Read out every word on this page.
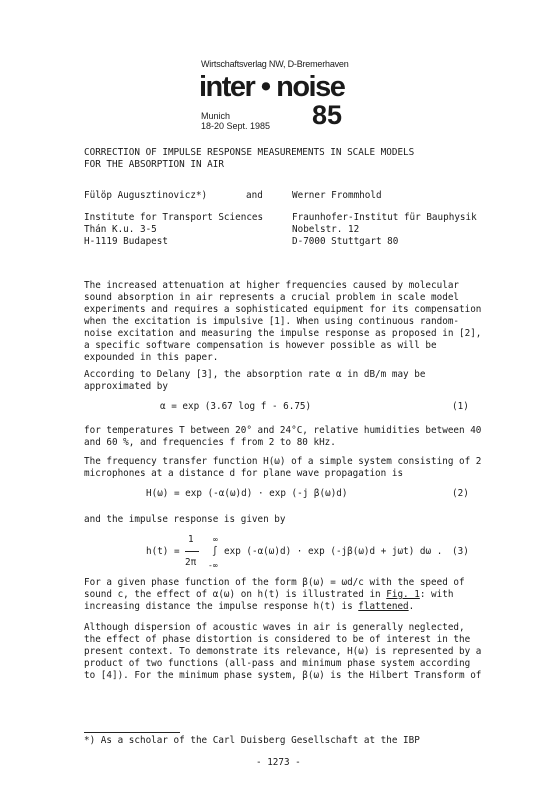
Wirtschaftsverlag NW, D-Bremerhaven
inter • noise
Munich
18-20 Sept. 1985 85
CORRECTION OF IMPULSE RESPONSE MEASUREMENTS IN SCALE MODELS
FOR THE ABSORPTION IN AIR
Fülöp Augusztinovicz*)	and	Werner Frommhold
Institute for Transport Sciences
Thán K.u. 3-5
H-1119 Budapest
Fraunhofer-Institut für Bauphysik
Nobelstr. 12
D-7000 Stuttgart 80
The increased attenuation at higher frequencies caused by molecular sound absorption in air represents a crucial problem in scale model experiments and requires a sophisticated equipment for its compensation when the excitation is impulsive [1]. When using continuous random-noise excitation and measuring the impulse response as proposed in [2], a specific software compensation is however possible as will be expounded in this paper.
According to Delany [3], the absorption rate α in dB/m may be approximated by
α = exp (3.67 log f - 6.75)	(1)
for temperatures T between 20° and 24°C, relative humidities between 40 and 60 %, and frequencies f from 2 to 80 kHz.
The frequency transfer function H(ω) of a simple system consisting of 2 microphones at a distance d for plane wave propagation is
H(ω) = exp (-α(ω)d) · exp (-j β(ω)d)	(2)
and the impulse response is given by
1 ∞
h(t) =	∫ exp (-α(ω)d) · exp (-jβ(ω)d + jωt) dω . (3)
2π -∞
For a given phase function of the form β(ω) = ωd/c with the speed of sound c, the effect of α(ω) on h(t) is illustrated in Fig. 1: with increasing distance the impulse response h(t) is flattened.
Although dispersion of acoustic waves in air is generally neglected, the effect of phase distortion is considered to be of interest in the present context. To demonstrate its relevance, H(ω) is represented by a product of two functions (all-pass and minimum phase system according to [4]). For the minimum phase system, β(ω) is the Hilbert Transform of
*) As a scholar of the Carl Duisberg Gesellschaft at the IBP
- 1273 -
